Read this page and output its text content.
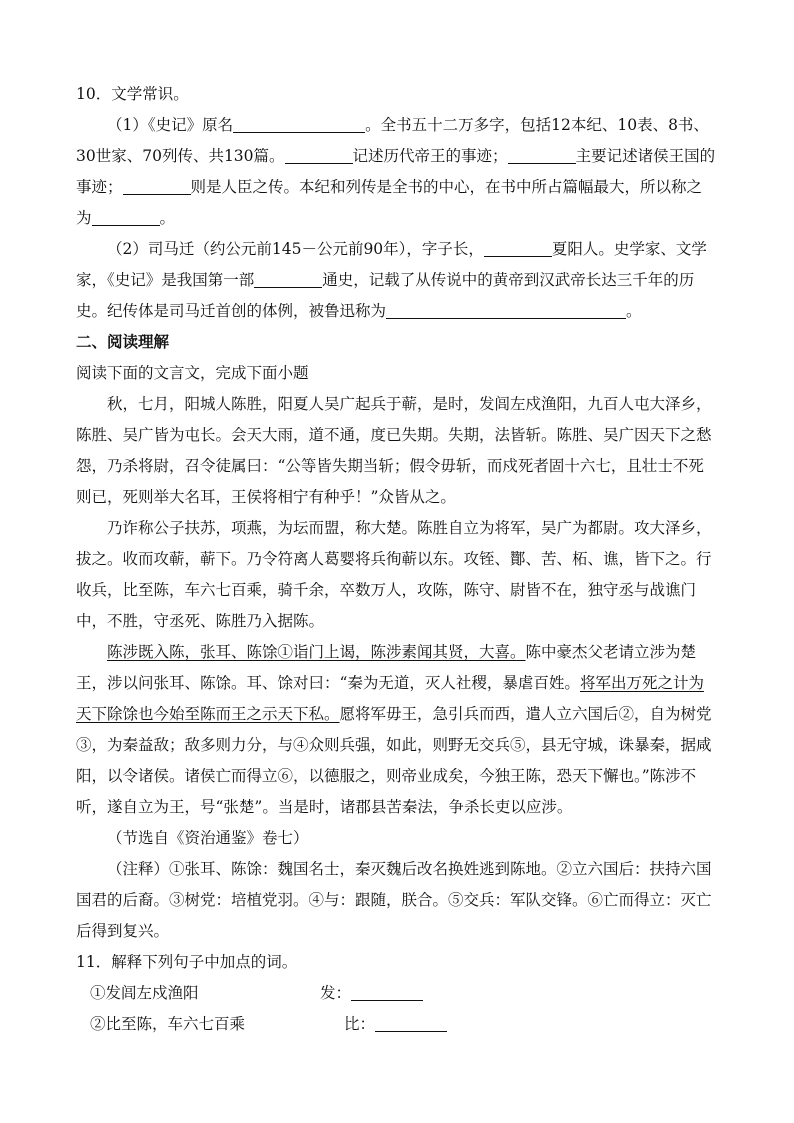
10．文学常识。

（1）《史记》原名	。全书五十二万多字，包括12本纪、10表、8书、30世家、70列传、共130篇。	记述历代帝王的事迹；	主要记述诸侯王国的事迹；	则是人臣之传。本纪和列传是全书的中心，在书中所占篇幅最大，所以称之为	。

（2）司马迁（约公元前145－公元前90年），字子长，	夏阳人。史学家、文学家，《史记》是我国第一部	通史，记载了从传说中的黄帝到汉武帝长达三千年的历史。纪传体是司马迁首创的体例，被鲁迅称为	。

二、阅读理解

阅读下面的文言文，完成下面小题

秋，七月，阳城人陈胜，阳夏人吴广起兵于蕲，是时，发闾左戍渔阳，九百人屯大泽乡，陈胜、吴广皆为屯长。会天大雨，道不通，度已失期。失期，法皆斩。陈胜、吴广因天下之愁怨，乃杀将尉，召令徒属曰：“公等皆失期当斩；假令毋斩，而戍死者固十六七，且壮士不死则已，死则举大名耳，王侯将相宁有种乎！”众皆从之。

乃诈称公子扶苏，项燕，为坛而盟，称大楚。陈胜自立为将军，吴广为都尉。攻大泽乡，拔之。收而攻蕲，蕲下。乃令符离人葛婴将兵徇蕲以东。攻铚、酇、苦、柘、谯，皆下之。行收兵，比至陈，车六七百乘，骑千余，卒数万人，攻陈，陈守、尉皆不在，独守丞与战谯门中，不胜，守丞死、陈胜乃入据陈。

陈涉既入陈，张耳、陈馀①诣门上谒，陈涉素闻其贤，大喜。陈中豪杰父老请立涉为楚王，涉以问张耳、陈馀。耳、馀对曰：“秦为无道，灭人社稷，暴虐百姓。将军出万死之计为天下除馀也今始至陈而王之示天下私。愿将军毋王，急引兵而西，遣人立六国后②，自为树党③，为秦益敌；敌多则力分，与④众则兵强，如此，则野无交兵⑤，县无守城，诛暴秦，据咸阳，以令诸侯。诸侯亡而得立⑥，以德服之，则帝业成矣，今独王陈，恐天下懈也。”陈涉不听，遂自立为王，号“张楚”。当是时，诸郡县苦秦法，争杀长吏以应涉。

（节选自《资治通鉴》卷七）

（注释）①张耳、陈馀：魏国名士，秦灭魏后改名换姓逃到陈地。②立六国后：扶持六国国君的后裔。③树党：培植党羽。④与：跟随，朕合。⑤交兵：军队交锋。⑥亡而得立：灭亡后得到复兴。

11．解释下列句子中加点的词。

①发闾左戍渔阳	发：
②比至陈，车六七百乘	比：
